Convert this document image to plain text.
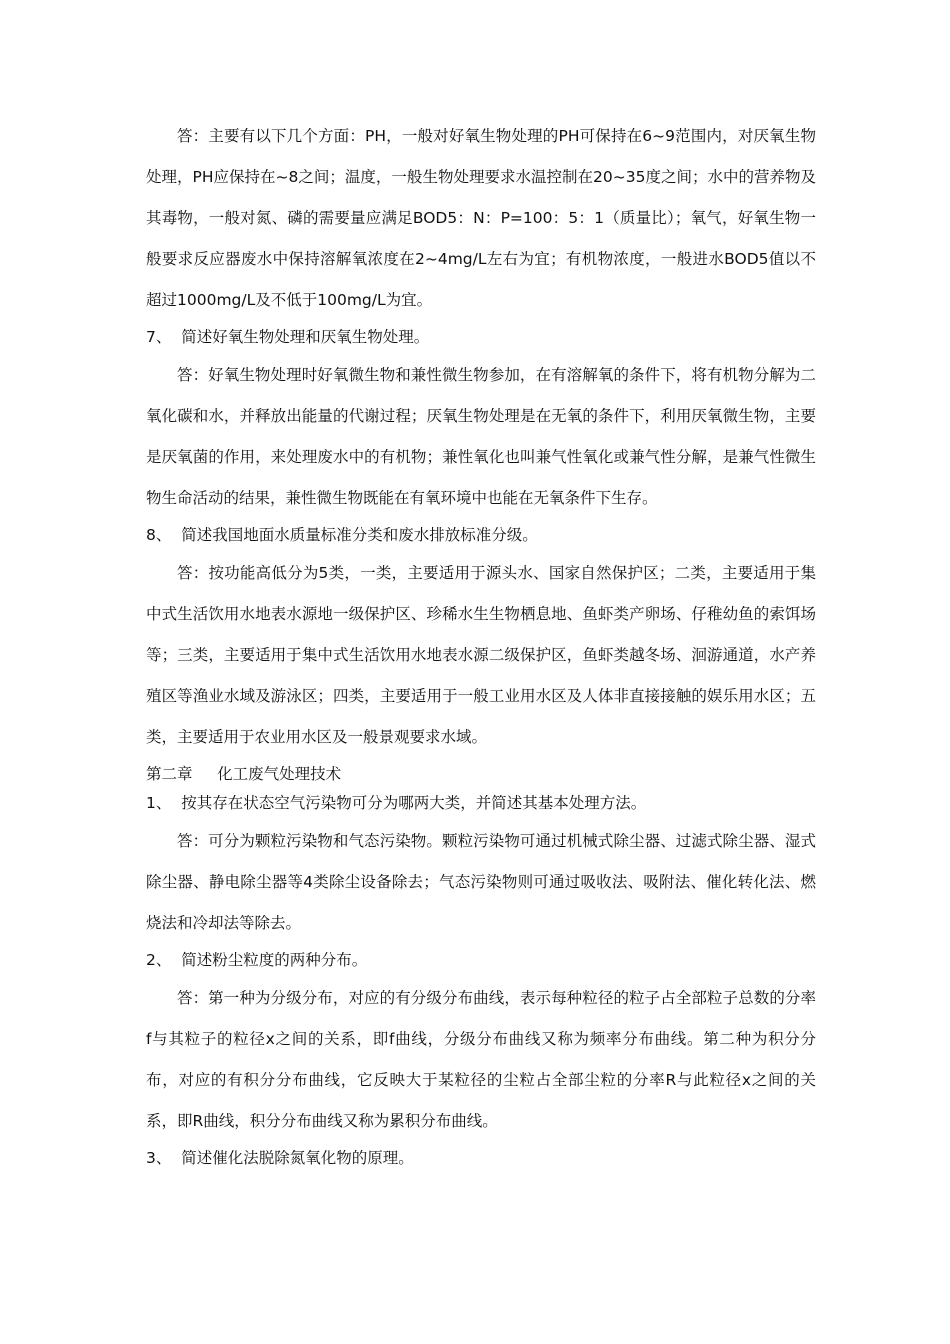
答：主要有以下几个方面：PH，一般对好氧生物处理的PH可保持在6~9范围内，对厌氧生物处理，PH应保持在~8之间；温度，一般生物处理要求水温控制在20~35度之间；水中的营养物及其毒物，一般对氮、磷的需要量应满足BOD5：N：P=100：5：1（质量比）；氧气，好氧生物一般要求反应器废水中保持溶解氧浓度在2~4mg/L左右为宜；有机物浓度，一般进水BOD5值以不超过1000mg/L及不低于100mg/L为宜。

7、  简述好氧生物处理和厌氧生物处理。

答：好氧生物处理时好氧微生物和兼性微生物参加，在有溶解氧的条件下，将有机物分解为二氧化碳和水，并释放出能量的代谢过程；厌氧生物处理是在无氧的条件下，利用厌氧微生物，主要是厌氧菌的作用，来处理废水中的有机物；兼性氧化也叫兼气性氧化或兼气性分解，是兼气性微生物生命活动的结果，兼性微生物既能在有氧环境中也能在无氧条件下生存。

8、  简述我国地面水质量标准分类和废水排放标准分级。

答：按功能高低分为5类，一类，主要适用于源头水、国家自然保护区；二类，主要适用于集中式生活饮用水地表水源地一级保护区、珍稀水生生物栖息地、鱼虾类产卵场、仔稚幼鱼的索饵场等；三类，主要适用于集中式生活饮用水地表水源二级保护区，鱼虾类越冬场、洄游通道，水产养殖区等渔业水域及游泳区；四类，主要适用于一般工业用水区及人体非直接接触的娱乐用水区；五类，主要适用于农业用水区及一般景观要求水域。

第二章     化工废气处理技术

1、  按其存在状态空气污染物可分为哪两大类，并简述其基本处理方法。

答：可分为颗粒污染物和气态污染物。颗粒污染物可通过机械式除尘器、过滤式除尘器、湿式除尘器、静电除尘器等4类除尘设备除去；气态污染物则可通过吸收法、吸附法、催化转化法、燃烧法和冷却法等除去。

2、  简述粉尘粒度的两种分布。

答：第一种为分级分布，对应的有分级分布曲线，表示每种粒径的粒子占全部粒子总数的分率f与其粒子的粒径x之间的关系，即f曲线，分级分布曲线又称为频率分布曲线。第二种为积分分布，对应的有积分分布曲线，它反映大于某粒径的尘粒占全部尘粒的分率R与此粒径x之间的关系，即R曲线，积分分布曲线又称为累积分布曲线。

3、  简述催化法脱除氮氧化物的原理。
